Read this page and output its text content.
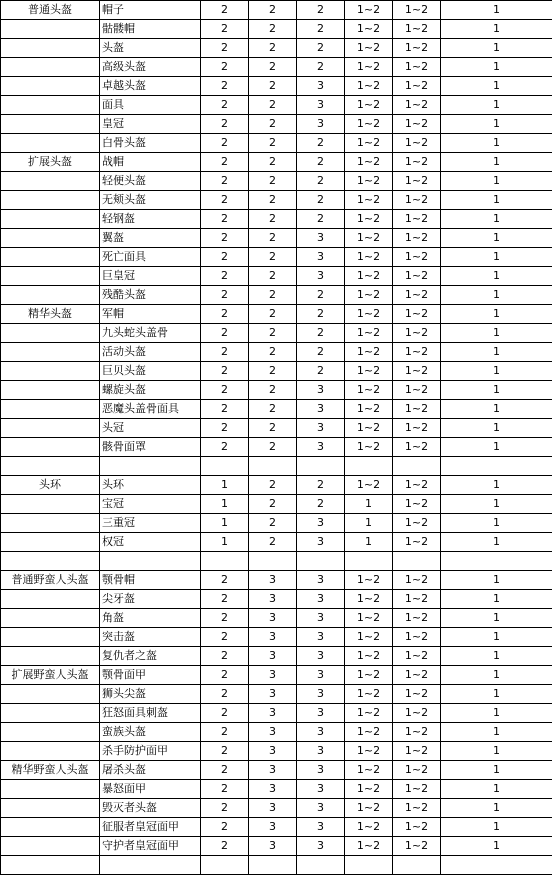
普通头盔	帽子	2	2	2	1~2	1~2	1
	骷髅帽	2	2	2	1~2	1~2	1
	头盔	2	2	2	1~2	1~2	1
	高级头盔	2	2	2	1~2	1~2	1
	卓越头盔	2	2	3	1~2	1~2	1
	面具	2	2	3	1~2	1~2	1
	皇冠	2	2	3	1~2	1~2	1
	白骨头盔	2	2	2	1~2	1~2	1
扩展头盔	战帽	2	2	2	1~2	1~2	1
	轻便头盔	2	2	2	1~2	1~2	1
	无颊头盔	2	2	2	1~2	1~2	1
	轻钢盔	2	2	2	1~2	1~2	1
	翼盔	2	2	3	1~2	1~2	1
	死亡面具	2	2	3	1~2	1~2	1
	巨皇冠	2	2	3	1~2	1~2	1
	残酷头盔	2	2	2	1~2	1~2	1
精华头盔	军帽	2	2	2	1~2	1~2	1
	九头蛇头盖骨	2	2	2	1~2	1~2	1
	活动头盔	2	2	2	1~2	1~2	1
	巨贝头盔	2	2	2	1~2	1~2	1
	螺旋头盔	2	2	3	1~2	1~2	1
	恶魔头盖骨面具	2	2	3	1~2	1~2	1
	头冠	2	2	3	1~2	1~2	1
	骸骨面罩	2	2	3	1~2	1~2	1

头环	头环	1	2	2	1~2	1~2	1
	宝冠	1	2	2	1	1~2	1
	三重冠	1	2	3	1	1~2	1
	权冠	1	2	3	1	1~2	1

普通野蛮人头盔	颚骨帽	2	3	3	1~2	1~2	1
	尖牙盔	2	3	3	1~2	1~2	1
	角盔	2	3	3	1~2	1~2	1
	突击盔	2	3	3	1~2	1~2	1
	复仇者之盔	2	3	3	1~2	1~2	1
扩展野蛮人头盔	颚骨面甲	2	3	3	1~2	1~2	1
	狮头尖盔	2	3	3	1~2	1~2	1
	狂怒面具刺盔	2	3	3	1~2	1~2	1
	蛮族头盔	2	3	3	1~2	1~2	1
	杀手防护面甲	2	3	3	1~2	1~2	1
精华野蛮人头盔	屠杀头盔	2	3	3	1~2	1~2	1
	暴怒面甲	2	3	3	1~2	1~2	1
	毁灭者头盔	2	3	3	1~2	1~2	1
	征服者皇冠面甲	2	3	3	1~2	1~2	1
	守护者皇冠面甲	2	3	3	1~2	1~2	1
